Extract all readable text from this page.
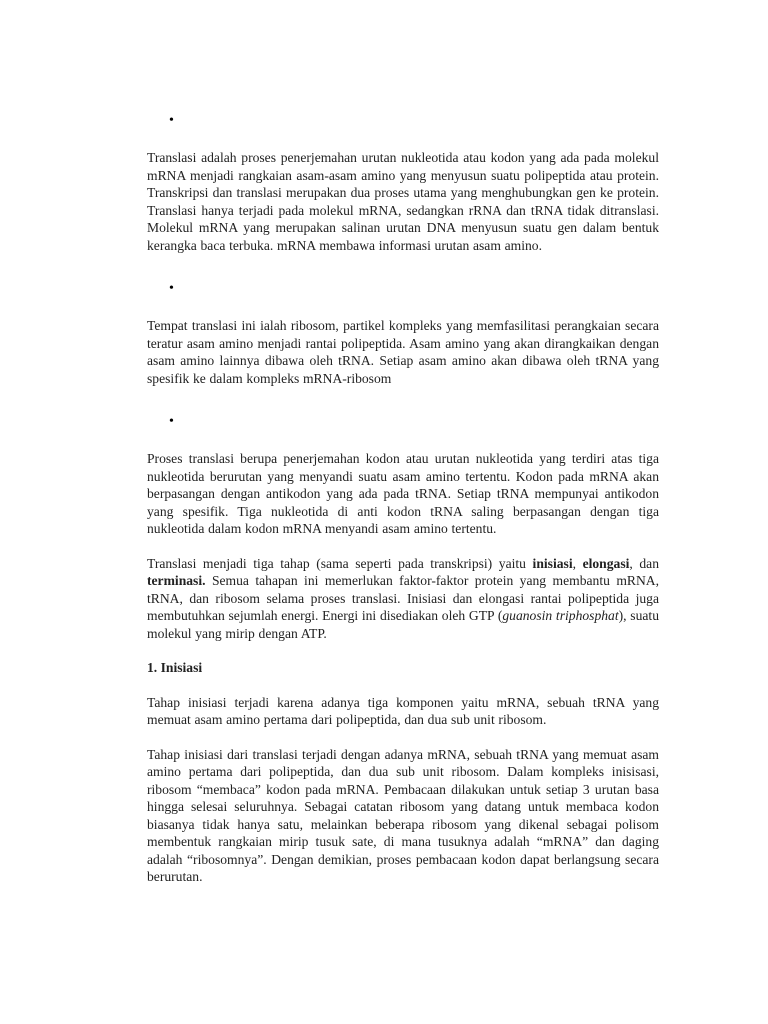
•

Translasi adalah proses penerjemahan urutan nukleotida atau kodon yang ada pada molekul mRNA menjadi rangkaian asam-asam amino yang menyusun suatu polipeptida atau protein. Transkripsi dan translasi merupakan dua proses utama yang menghubungkan gen ke protein. Translasi hanya terjadi pada molekul mRNA, sedangkan rRNA dan tRNA tidak ditranslasi. Molekul mRNA yang merupakan salinan urutan DNA menyusun suatu gen dalam bentuk kerangka baca terbuka. mRNA membawa informasi urutan asam amino.

•

Tempat translasi ini ialah ribosom, partikel kompleks yang memfasilitasi perangkaian secara teratur asam amino menjadi rantai polipeptida. Asam amino yang akan dirangkaikan dengan asam amino lainnya dibawa oleh tRNA. Setiap asam amino akan dibawa oleh tRNA yang spesifik ke dalam kompleks mRNA-ribosom

•

Proses translasi berupa penerjemahan kodon atau urutan nukleotida yang terdiri atas tiga nukleotida berurutan yang menyandi suatu asam amino tertentu. Kodon pada mRNA akan berpasangan dengan antikodon yang ada pada tRNA. Setiap tRNA mempunyai antikodon yang spesifik. Tiga nukleotida di anti kodon tRNA saling berpasangan dengan tiga nukleotida dalam kodon mRNA menyandi asam amino tertentu.

Translasi menjadi tiga tahap (sama seperti pada transkripsi) yaitu inisiasi, elongasi, dan terminasi. Semua tahapan ini memerlukan faktor-faktor protein yang membantu mRNA, tRNA, dan ribosom selama proses translasi. Inisiasi dan elongasi rantai polipeptida juga membutuhkan sejumlah energi. Energi ini disediakan oleh GTP (guanosin triphosphat), suatu molekul yang mirip dengan ATP.

1. Inisiasi

Tahap inisiasi terjadi karena adanya tiga komponen yaitu mRNA, sebuah tRNA yang memuat asam amino pertama dari polipeptida, dan dua sub unit ribosom.

Tahap inisiasi dari translasi terjadi dengan adanya mRNA, sebuah tRNA yang memuat asam amino pertama dari polipeptida, dan dua sub unit ribosom. Dalam kompleks inisisasi, ribosom “membaca” kodon pada mRNA. Pembacaan dilakukan untuk setiap 3 urutan basa hingga selesai seluruhnya. Sebagai catatan ribosom yang datang untuk membaca kodon biasanya tidak hanya satu, melainkan beberapa ribosom yang dikenal sebagai polisom membentuk rangkaian mirip tusuk sate, di mana tusuknya adalah “mRNA” dan daging adalah “ribosomnya”. Dengan demikian, proses pembacaan kodon dapat berlangsung secara berurutan.
